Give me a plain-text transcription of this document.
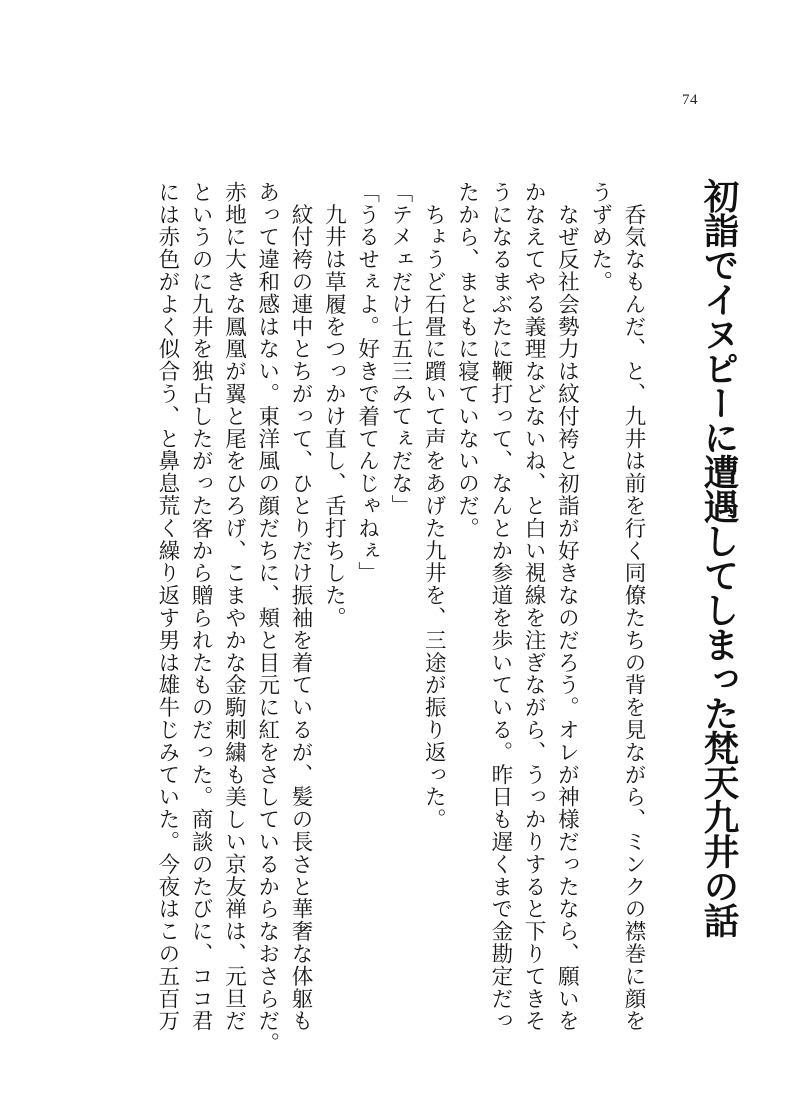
74
初詣でイヌピーに遭遇してしまった梵天九井の話
　呑気なもんだ、と、九井は前を行く同僚たちの背を見ながら、ミンクの襟巻に顔を
うずめた。
　なぜ反社会勢力は紋付袴と初詣が好きなのだろう。オレが神様だったなら、願いを
かなえてやる義理などないね、と白い視線を注ぎながら、うっかりすると下りてきそ
うになるまぶたに鞭打って、なんとか参道を歩いている。昨日も遅くまで金勘定だっ
たから、まともに寝ていないのだ。
　ちょうど石畳に躓いて声をあげた九井を、三途が振り返った。
「テメェだけ七五三みてぇだな」
「うるせぇよ。好きで着てんじゃねぇ」
　九井は草履をつっかけ直し、舌打ちした。
　紋付袴の連中とちがって、ひとりだけ振袖を着ているが、髪の長さと華奢な体躯も
あって違和感はない。東洋風の顔だちに、頬と目元に紅をさしているからなおさらだ。
赤地に大きな鳳凰が翼と尾をひろげ、こまやかな金駒刺繍も美しい京友禅は、元旦だ
というのに九井を独占したがった客から贈られたものだった。商談のたびに、ココ君
には赤色がよく似合う、と鼻息荒く繰り返す男は雄牛じみていた。今夜はこの五百万
